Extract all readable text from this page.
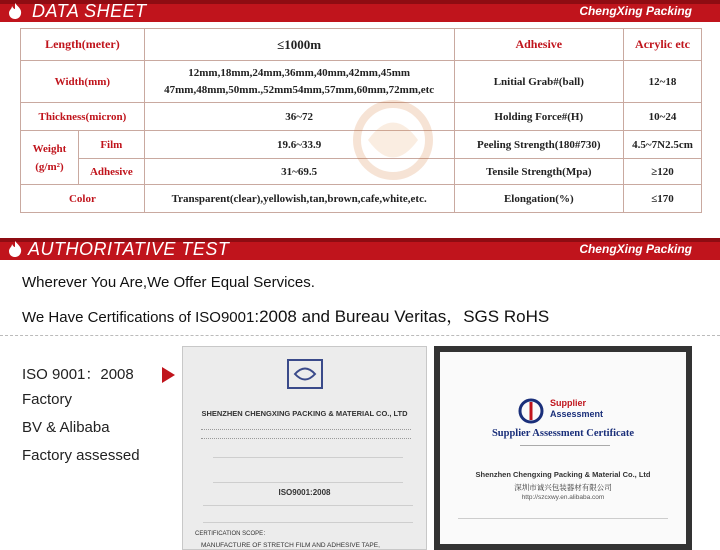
DATA SHEET	ChengXing Packing
Length(meter)		≤1000m	Adhesive	Acrylic etc
Width(mm)		12mm,18mm,24mm,36mm,40mm,42mm,45mm
47mm,48mm,50mm.,52mm54mm,57mm,60mm,72mm,etc	Lnitial Grab#(ball)	12~18
Thickness(micron)		36~72	Holding Force#(H)	10~24

Weight
(g/m²)	Film	19.6~33.9	Peeling Strength(180#730)	4.5~7N2.5cm
	Adhesive	31~69.5	Tensile Strength(Mpa)	≥120
Color		Transparent(clear),yellowish,tan,brown,cafe,white,etc.	Elongation(%)	≤170
AUTHORITATIVE TEST	ChengXing Packing
Wherever You Are,We Offer Equal Services.
We Have Certifications of ISO9001:2008 and Bureau Veritas，SGS RoHS
ISO 9001：2008
Factory
BV & Alibaba
Factory assessed
SHENZHEN CHENGXING PACKING & MATERIAL CO., LTD
ISO9001:2008
CERTIFICATION SCOPE：
MANUFACTURE OF STRETCH FILM AND ADHESIVE TAPE,
Supplier
Assessment
Supplier Assessment Certificate
Shenzhen Chengxing Packing & Material Co., Ltd
深圳市诚兴包装器材有限公司
http://szcxwy.en.alibaba.com
